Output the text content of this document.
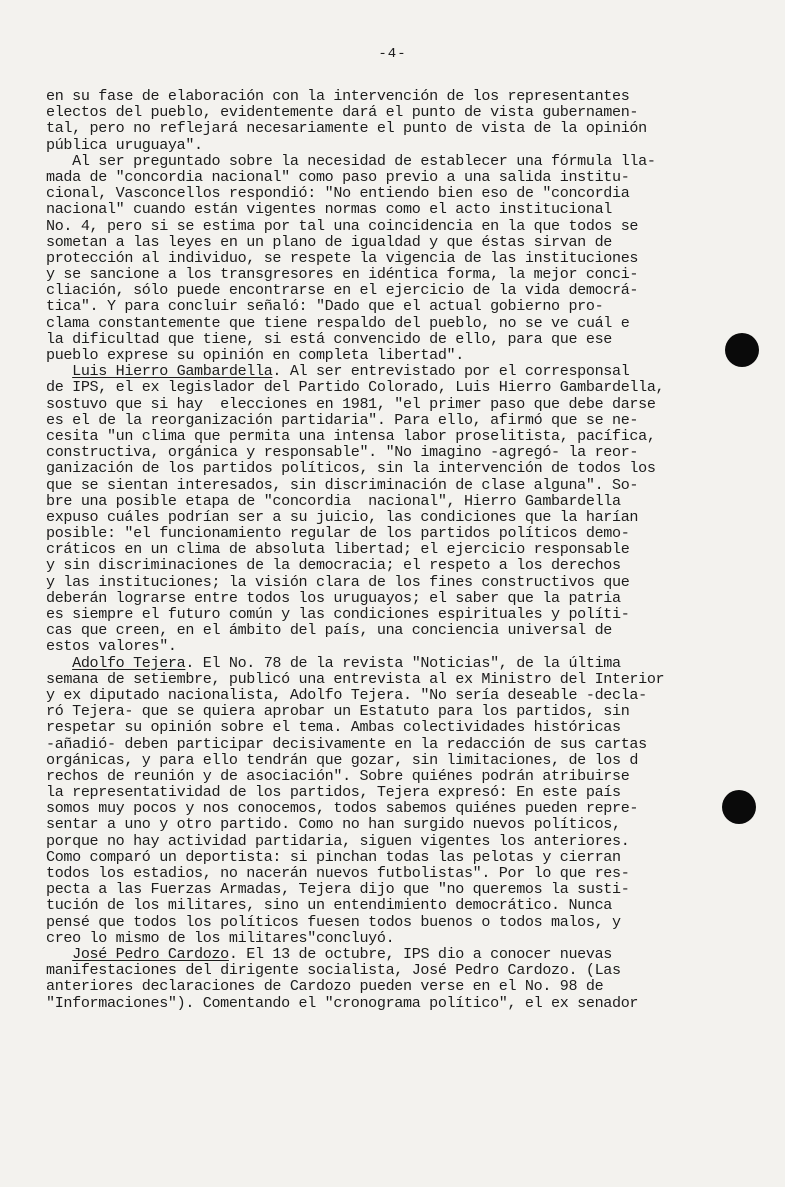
-4-
en su fase de elaboración con la intervención de los representantes
electos del pueblo, evidentemente dará el punto de vista gubernamen-
tal, pero no reflejará necesariamente el punto de vista de la opinión
pública uruguaya".
Al ser preguntado sobre la necesidad de establecer una fórmula lla-
mada de "concordia nacional" como paso previo a una salida institu-
cional, Vasconcellos respondió: "No entiendo bien eso de "concordia
nacional" cuando están vigentes normas como el acto institucional
No. 4, pero si se estima por tal una coincidencia en la que todos se
sometan a las leyes en un plano de igualdad y que éstas sirvan de
protección al individuo, se respete la vigencia de las instituciones
y se sancione a los transgresores en idéntica forma, la mejor conci-
cliación, sólo puede encontrarse en el ejercicio de la vida democrá-
tica". Y para concluir señaló: "Dado que el actual gobierno pro-
clama constantemente que tiene respaldo del pueblo, no se ve cuál e
la dificultad que tiene, si está convencido de ello, para que ese
pueblo exprese su opinión en completa libertad".
Luis Hierro Gambardella. Al ser entrevistado por el corresponsal
de IPS, el ex legislador del Partido Colorado, Luis Hierro Gambardella,
sostuvo que si hay  elecciones en 1981, "el primer paso que debe darse
es el de la reorganización partidaria". Para ello, afirmó que se ne-
cesita "un clima que permita una intensa labor proselitista, pacífica,
constructiva, orgánica y responsable". "No imagino -agregó- la reor-
ganización de los partidos políticos, sin la intervención de todos los
que se sientan interesados, sin discriminación de clase alguna". So-
bre una posible etapa de "concordia  nacional", Hierro Gambardella
expuso cuáles podrían ser a su juicio, las condiciones que la harían
posible: "el funcionamiento regular de los partidos políticos demo-
cráticos en un clima de absoluta libertad; el ejercicio responsable
y sin discriminaciones de la democracia; el respeto a los derechos
y las instituciones; la visión clara de los fines constructivos que
deberán lograrse entre todos los uruguayos; el saber que la patria
es siempre el futuro común y las condiciones espirituales y políti-
cas que creen, en el ámbito del país, una conciencia universal de
estos valores".
Adolfo Tejera. El No. 78 de la revista "Noticias", de la última
semana de setiembre, publicó una entrevista al ex Ministro del Interior
y ex diputado nacionalista, Adolfo Tejera. "No sería deseable -decla-
ró Tejera- que se quiera aprobar un Estatuto para los partidos, sin
respetar su opinión sobre el tema. Ambas colectividades históricas
-añadió- deben participar decisivamente en la redacción de sus cartas
orgánicas, y para ello tendrán que gozar, sin limitaciones, de los d
rechos de reunión y de asociación". Sobre quiénes podrán atribuirse
la representatividad de los partidos, Tejera expresó: En este país
somos muy pocos y nos conocemos, todos sabemos quiénes pueden repre-
sentar a uno y otro partido. Como no han surgido nuevos políticos,
porque no hay actividad partidaria, siguen vigentes los anteriores.
Como comparó un deportista: si pinchan todas las pelotas y cierran
todos los estadios, no nacerán nuevos futbolistas". Por lo que res-
pecta a las Fuerzas Armadas, Tejera dijo que "no queremos la susti-
tución de los militares, sino un entendimiento democrático. Nunca
pensé que todos los políticos fuesen todos buenos o todos malos, y
creo lo mismo de los militares"concluyó.
José Pedro Cardozo. El 13 de octubre, IPS dio a conocer nuevas
manifestaciones del dirigente socialista, José Pedro Cardozo. (Las
anteriores declaraciones de Cardozo pueden verse en el No. 98 de
"Informaciones"). Comentando el "cronograma político", el ex senador
